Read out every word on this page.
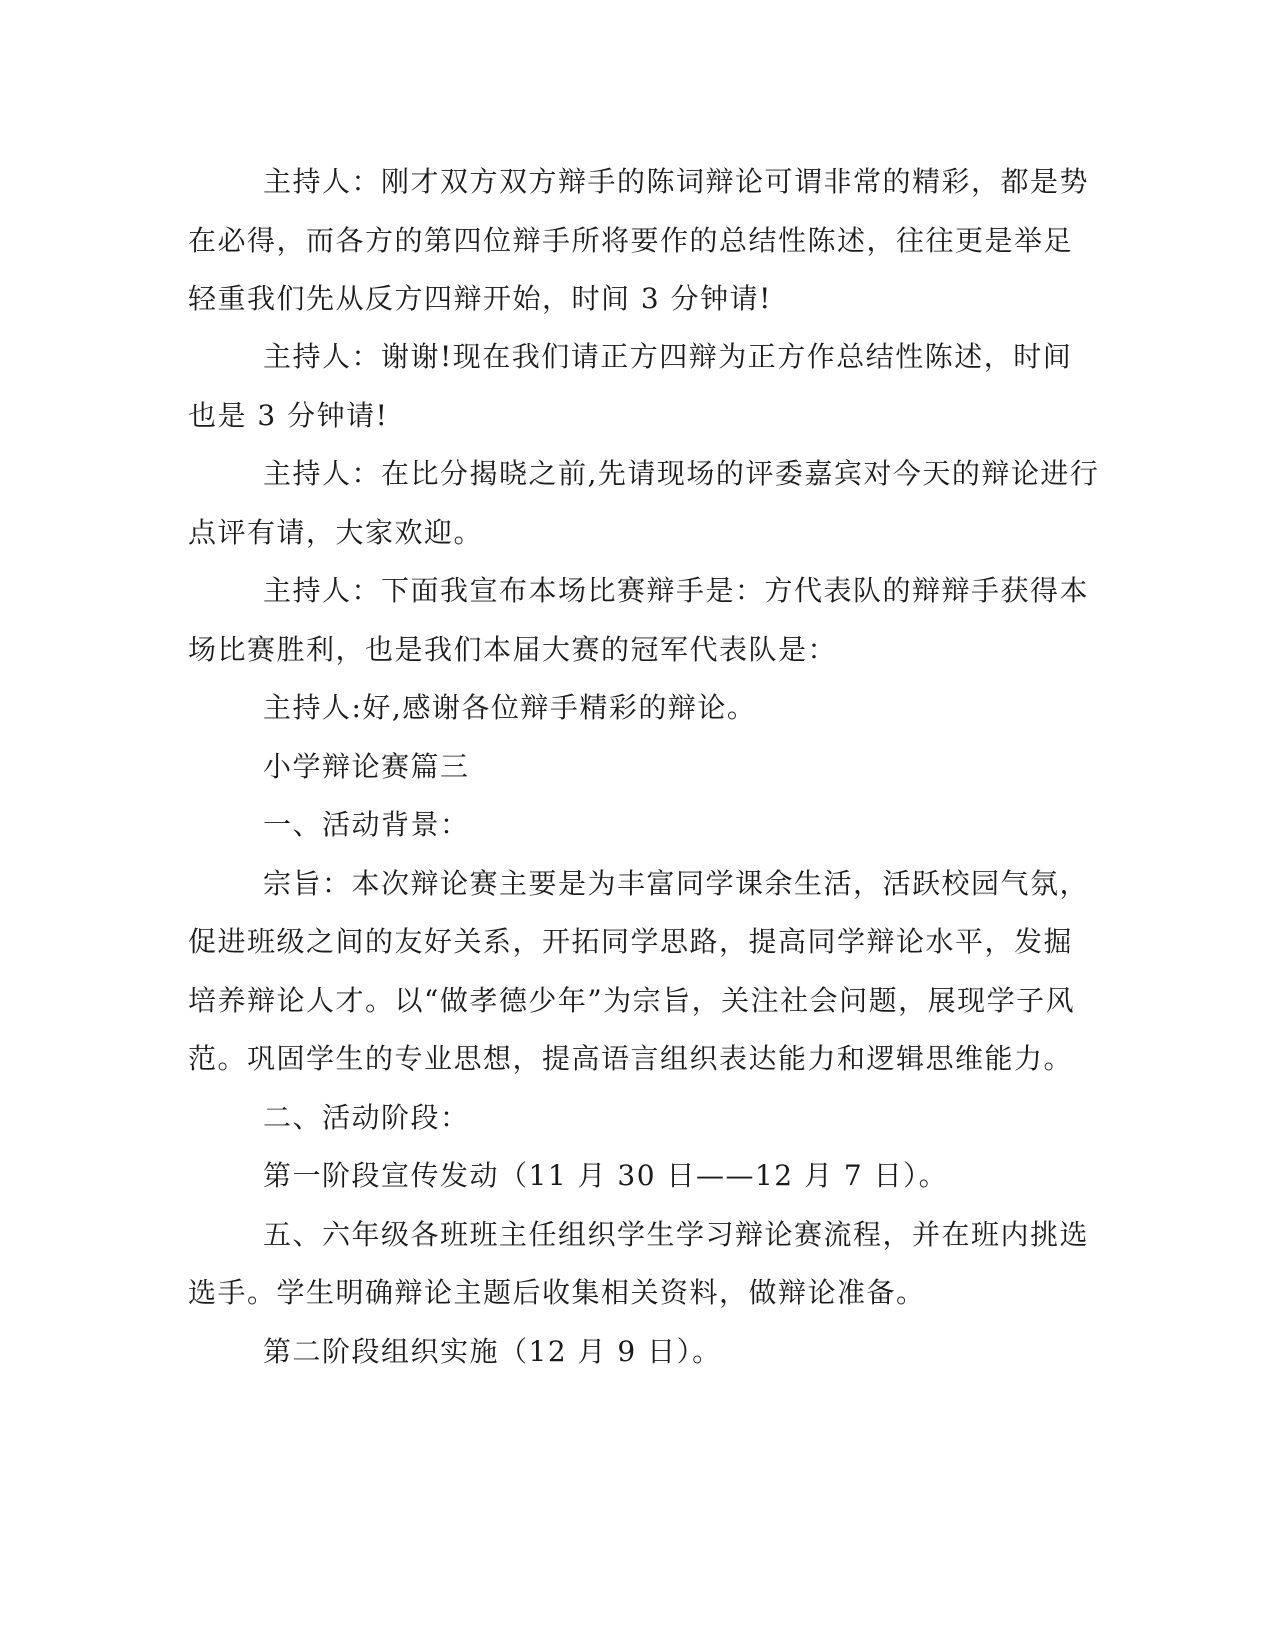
主持人：刚才双方双方辩手的陈词辩论可谓非常的精彩，都是势

在必得，而各方的第四位辩手所将要作的总结性陈述，往往更是举足

轻重我们先从反方四辩开始，时间 3 分钟请!

主持人：谢谢!现在我们请正方四辩为正方作总结性陈述，时间

也是 3 分钟请!

主持人：在比分揭晓之前,先请现场的评委嘉宾对今天的辩论进行

点评有请，大家欢迎。

主持人：下面我宣布本场比赛辩手是：方代表队的辩辩手获得本

场比赛胜利，也是我们本届大赛的冠军代表队是：

主持人:好,感谢各位辩手精彩的辩论。

小学辩论赛篇三

一、活动背景：

宗旨：本次辩论赛主要是为丰富同学课余生活，活跃校园气氛，

促进班级之间的友好关系，开拓同学思路，提高同学辩论水平，发掘

培养辩论人才。以“做孝德少年”为宗旨，关注社会问题，展现学子风

范。巩固学生的专业思想，提高语言组织表达能力和逻辑思维能力。

二、活动阶段：

第一阶段宣传发动（11 月 30 日——12 月 7 日）。

五、六年级各班班主任组织学生学习辩论赛流程，并在班内挑选

选手。学生明确辩论主题后收集相关资料，做辩论准备。

第二阶段组织实施（12 月 9 日）。
